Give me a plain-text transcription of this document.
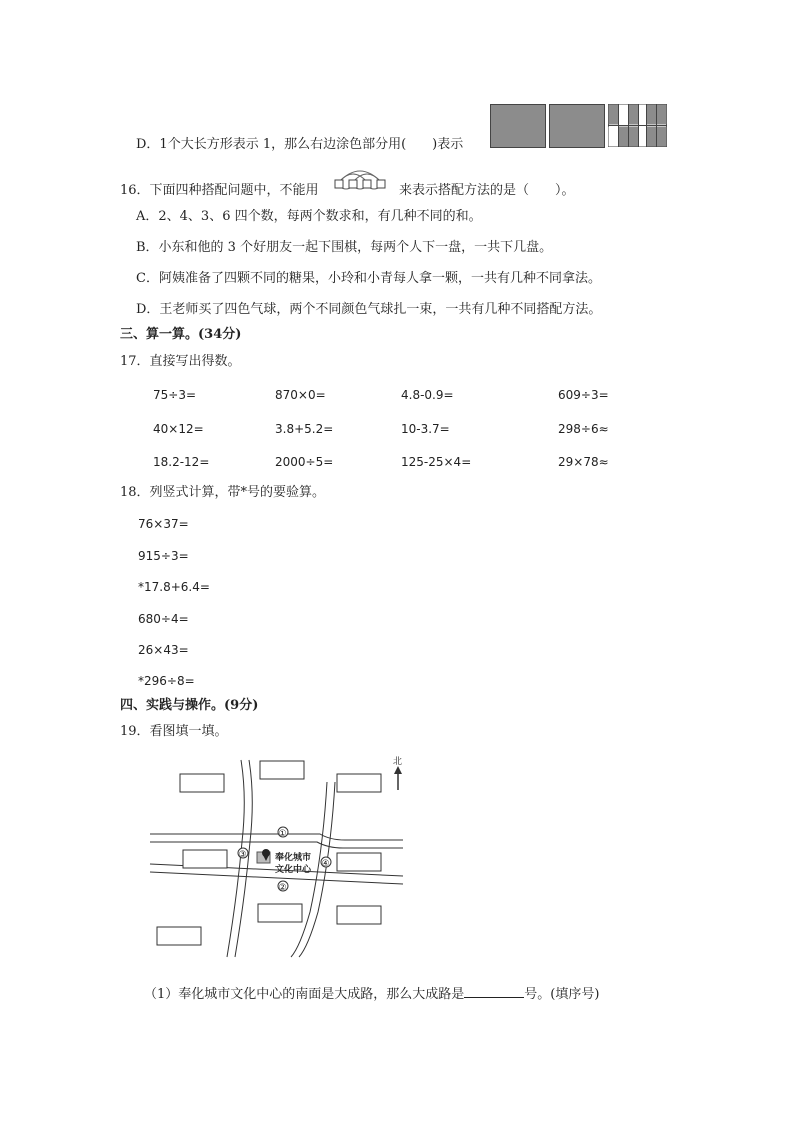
D．1个大长方形表示 1，那么右边涂色部分用(　　)表示
16．下面四种搭配问题中，不能用	来表示搭配方法的是（　　）。
A．2、4、3、6 四个数，每两个数求和，有几种不同的和。
B．小东和他的 3 个好朋友一起下围棋，每两个人下一盘，一共下几盘。
C．阿姨准备了四颗不同的糖果，小玲和小青每人拿一颗，一共有几种不同拿法。
D．王老师买了四色气球，两个不同颜色气球扎一束，一共有几种不同搭配方法。
三、算一算。(34分)
17．直接写出得数。
75÷3=	870×0=	4.8-0.9=	609÷3=
40×12=	3.8+5.2=	10-3.7=	298÷6≈
18.2-12=	2000÷5=	125-25×4=	29×78≈
18．列竖式计算，带*号的要验算。
76×37=
915÷3=
*17.8+6.4=
680÷4=
26×43=
*296÷8=
四、实践与操作。(9分)
19．看图填一填。
北
①
②
③
④
奉化城市
文化中心
（1）奉化城市文化中心的南面是大成路，那么大成路是	号。(填序号)
